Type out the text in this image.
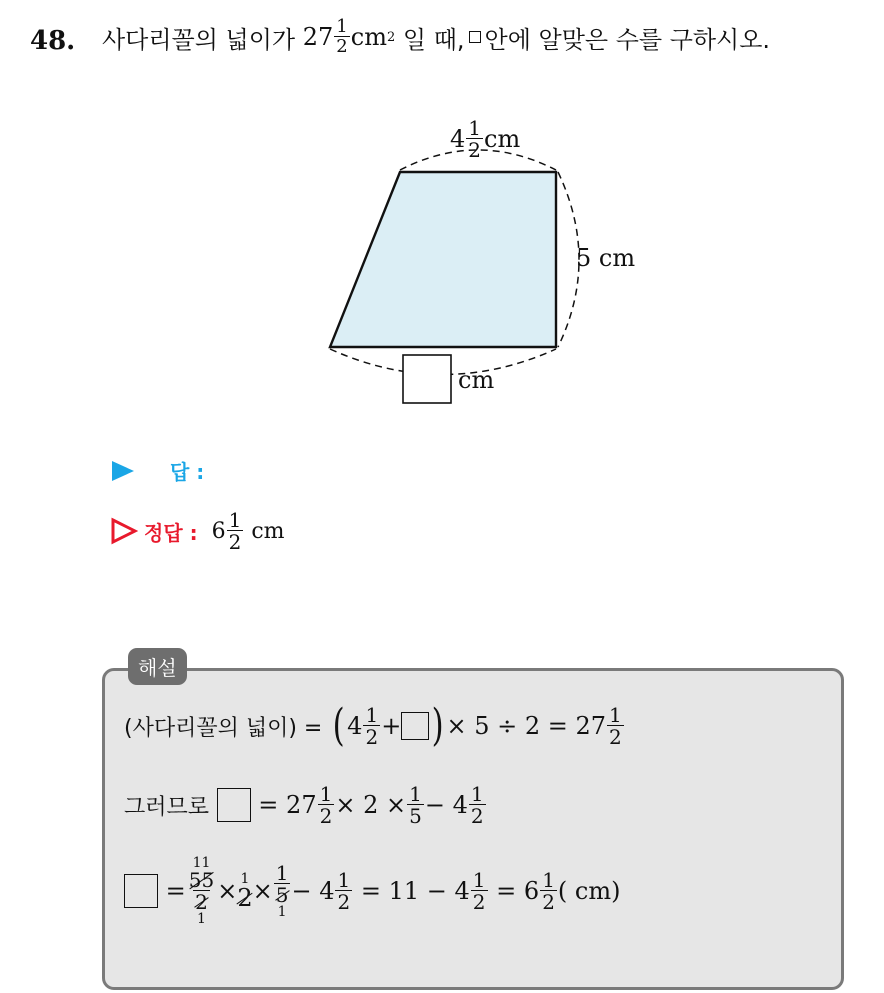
48. 사다리꼴의 넓이가
$27 \frac{1}{2}$ cm 2
일 때, 안에 알맞은 수를 구하시오.
$4 \frac{1}{2}$ cm
5
cm
cm
답 :
정답 :
$6 \frac{1}{2}$
cm
해설
(사다리꼴의 넓이) =
( $4 \frac{1}{2}$ + ) × 5 ÷ 2 =
$27 \frac{1}{2}$
그러므로

=
$27 \frac{1}{2} \times 2 \times \frac{1}{5}$ −
$4 \frac{1}{2}$

=
11
55
2
1
× 1
2 ×
1
5
1
−
$4 \frac{1}{2}$
= 11 −
$4 \frac{1}{2}$
=
$6 \frac{1}{2}$ ( cm)
